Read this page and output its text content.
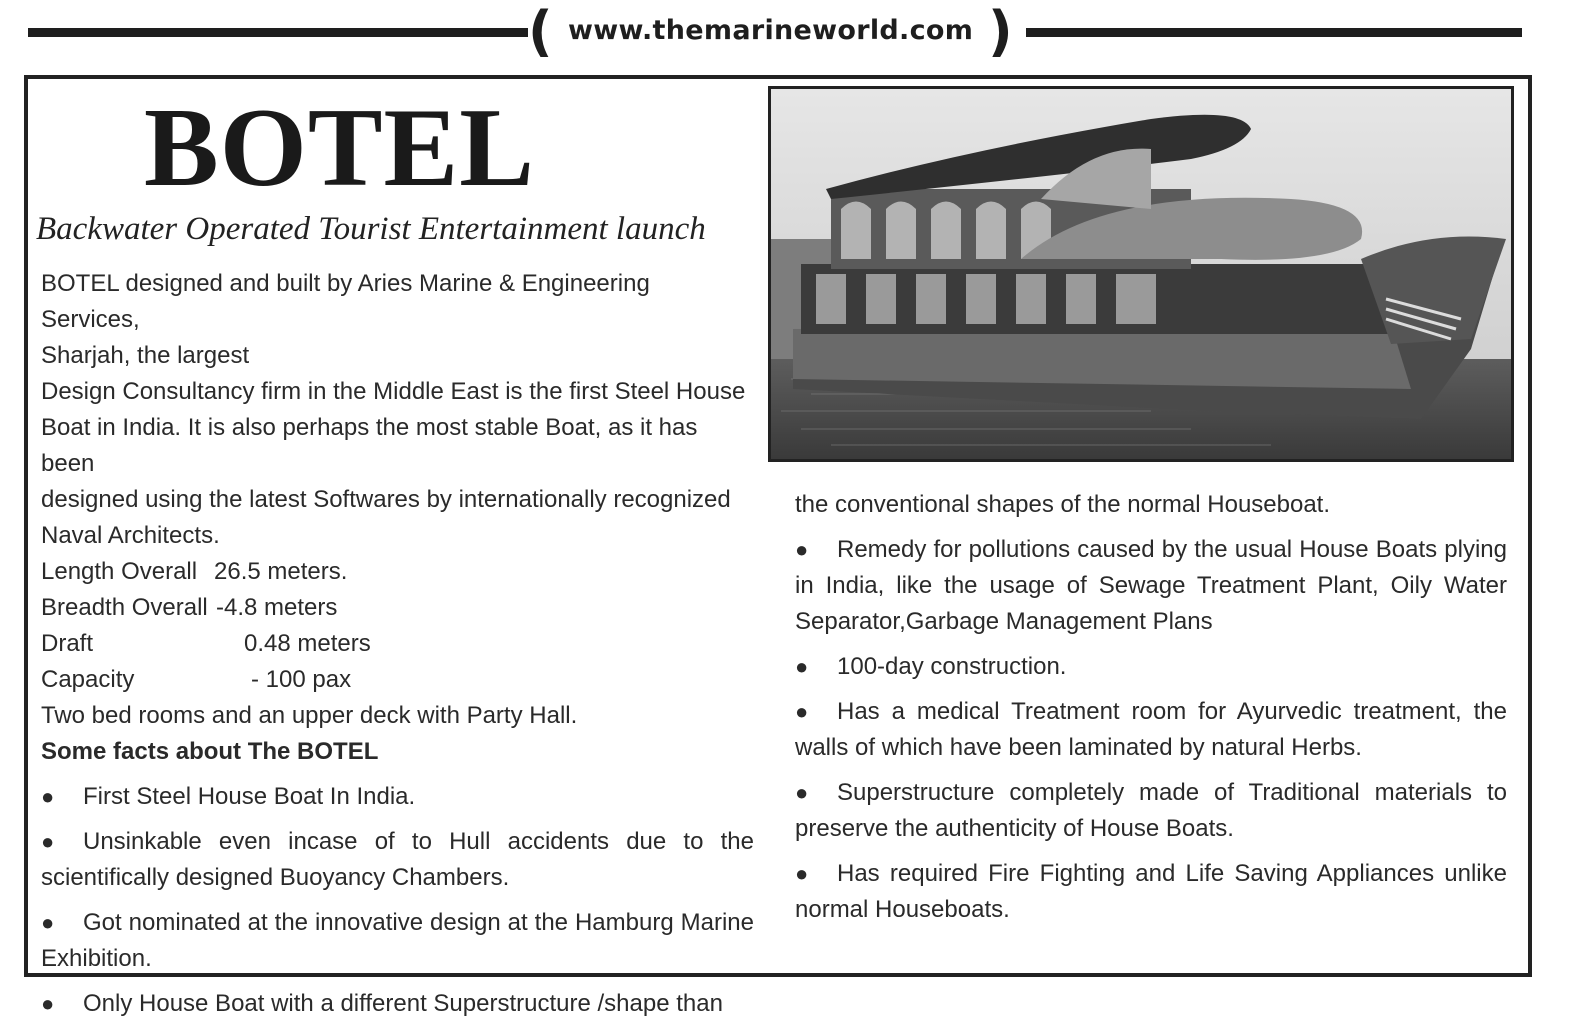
( www.themarineworld.com )
BOTEL
Backwater Operated Tourist Entertainment launch

BOTEL designed and built by Aries Marine & Engineering Services,

Sharjah, the largest

Design Consultancy firm in the Middle East is the first Steel House

Boat in India. It is also perhaps the most stable Boat, as it has been

designed using the latest Softwares by internationally recognized

Naval Architects.

Length Overall 26.5 meters.
Breadth Overall -4.8 meters
Draft	0.48 meters
Capacity	- 100 pax

Two bed rooms and an upper deck with Party Hall.

Some facts about The BOTEL

● First Steel House Boat In India.

● Unsinkable even incase of to Hull accidents due to the scientifically designed Buoyancy Chambers.

● Got nominated at the innovative design at the Hamburg Marine Exhibition.

● Only House Boat with a different Superstructure /shape than

the conventional shapes of the normal Houseboat.

● Remedy for pollutions caused by the usual House Boats plying in India, like the usage of Sewage Treatment Plant, Oily Water Separator,Garbage Management Plans

● 100-day construction.

● Has a medical Treatment room for Ayurvedic treatment, the walls of which have been laminated by natural Herbs.

● Superstructure completely made of Traditional materials to preserve the authenticity of House Boats.

● Has required Fire Fighting and Life Saving Appliances unlike normal Houseboats.
